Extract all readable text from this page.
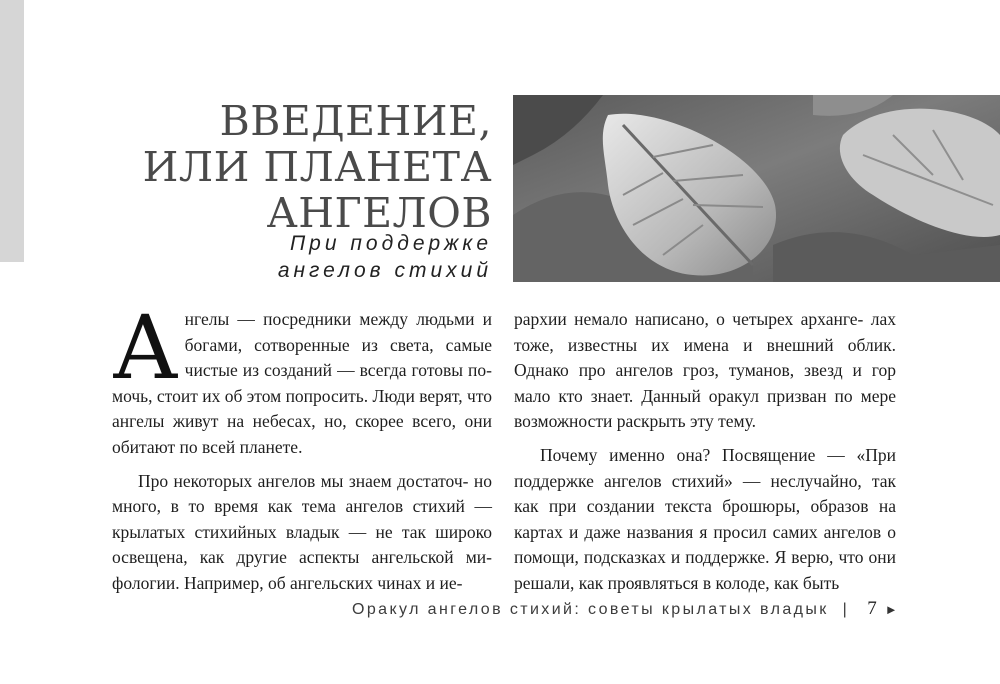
ВВЕДЕНИЕ,
ИЛИ ПЛАНЕТА
АНГЕЛОВ
При поддержке
ангелов стихий

А нгелы — посредники между людьми и богами, сотворенные из света, самые чистые из созданий — всегда готовы по- мочь, стоит их об этом попросить. Люди верят, что ангелы живут на небесах, но, скорее всего, они обитают по всей планете.

Про некоторых ангелов мы знаем достаточ- но много, в то время как тема ангелов стихий — крылатых стихийных владык — не так широко освещена, как другие аспекты ангельской ми- фологии. Например, об ангельских чинах и ие-

рархии немало написано, о четырех арханге- лах тоже, известны их имена и внешний облик. Однако про ангелов гроз, туманов, звезд и гор мало кто знает. Данный оракул призван по мере возможности раскрыть эту тему.

Почему именно она? Посвящение — «При поддержке ангелов стихий» — неслучайно, так как при создании текста брошюры, образов на картах и даже названия я просил самих ангелов о помощи, подсказках и поддержке. Я верю, что они решали, как проявляться в колоде, как быть

Оракул ангелов стихий: советы крылатых владык | 7 ►
